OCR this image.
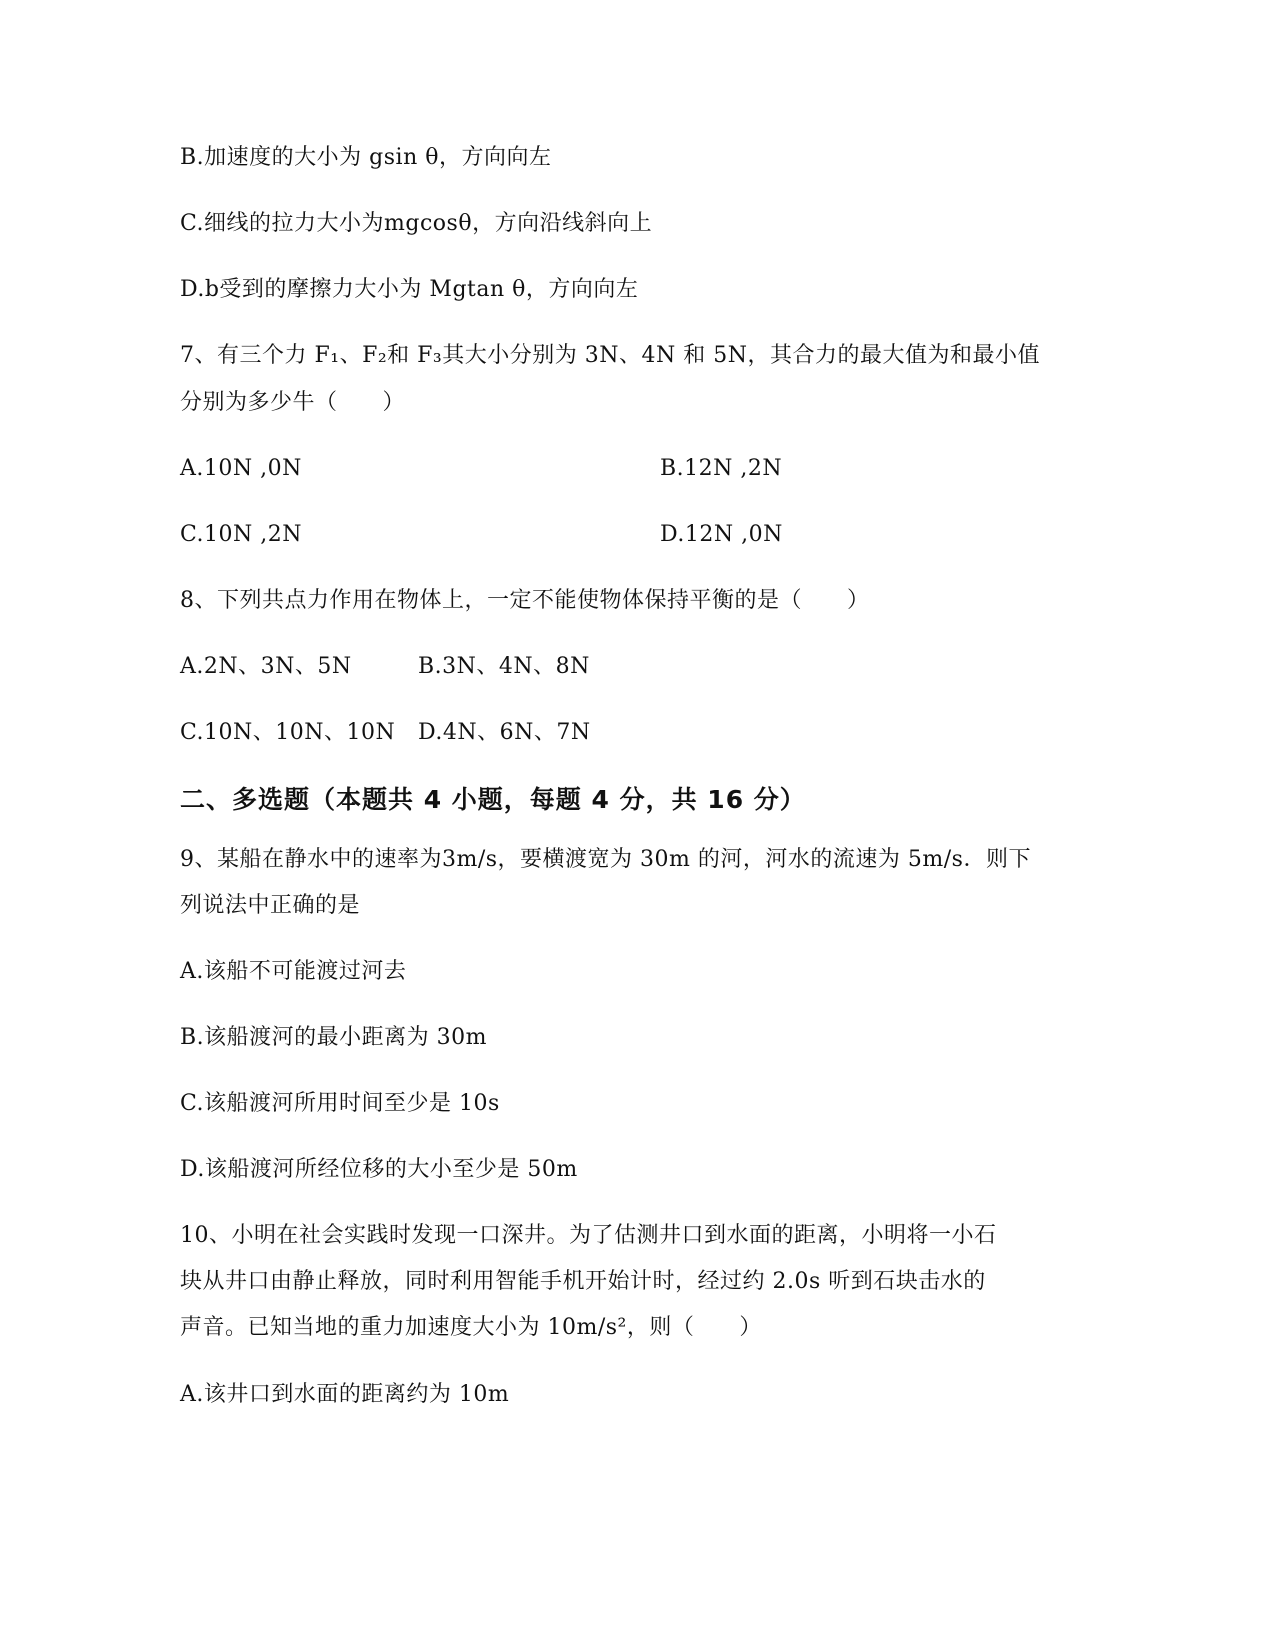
B.加速度的大小为 gsin θ，方向向左
C.细线的拉力大小为mgcosθ，方向沿线斜向上
D.b受到的摩擦力大小为 Mgtan θ，方向向左
7、有三个力 F₁、F₂和 F₃其大小分别为 3N、4N 和 5N，其合力的最大值为和最小值
分别为多少牛（　　）
A.10N ,0N	B.12N ,2N
C.10N ,2N	D.12N ,0N
8、下列共点力作用在物体上，一定不能使物体保持平衡的是（　　）
A.2N、3N、5N	B.3N、4N、8N
C.10N、10N、10N D.4N、6N、7N
二、多选题（本题共 4 小题，每题 4 分，共 16 分）
9、某船在静水中的速率为3m/s，要横渡宽为 30m 的河，河水的流速为 5m/s．则下
列说法中正确的是
A.该船不可能渡过河去
B.该船渡河的最小距离为 30m
C.该船渡河所用时间至少是 10s
D.该船渡河所经位移的大小至少是 50m
10、小明在社会实践时发现一口深井。为了估测井口到水面的距离，小明将一小石
块从井口由静止释放，同时利用智能手机开始计时，经过约 2.0s 听到石块击水的
声音。已知当地的重力加速度大小为 10m/s²，则（　　）
A.该井口到水面的距离约为 10m
